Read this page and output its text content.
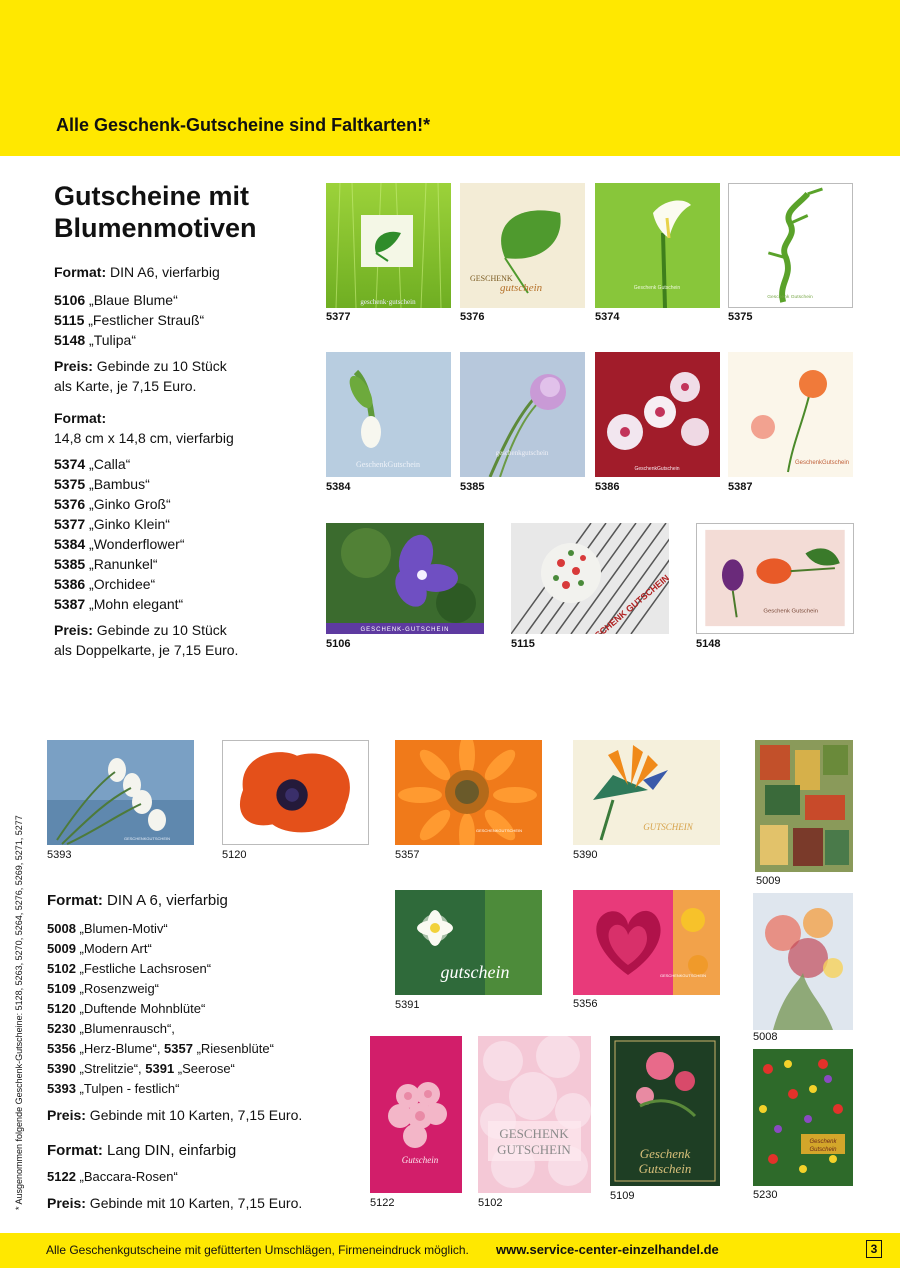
Alle Geschenk-Gutscheine sind Faltkarten!*
Gutscheine mit
Blumenmotiven
Format: DIN A6, vierfarbig
5106 „Blaue Blume“
5115 „Festlicher Strauß“
5148 „Tulipa“
Preis: Gebinde zu 10 Stück
als Karte, je 7,15 Euro.
Format:
14,8 cm x 14,8 cm, vierfarbig
5374 „Calla“
5375 „Bambus“
5376 „Ginko Groß“
5377 „Ginko Klein“
5384 „Wonderflower“
5385 „Ranunkel“
5386 „Orchidee“
5387 „Mohn elegant“
Preis: Gebinde zu 10 Stück
als Doppelkarte, je 7,15 Euro.
geschenk·gutschein
5377
GESCHENK
gutschein
5376
Geschenk Gutschein
5374
Geschenk Gutschein
5375
GeschenkGutschein
5384
geschenkgutschein
5385
GeschenkGutschein
5386
GeschenkGutschein
5387
GESCHENK-GUTSCHEIN
5106	5115
Geschenk Gutschein
5148
GESCHENKGUTSCHEIN
5393	5120
GESCHENKGUTSCHEIN
5357
GUTSCHEIN
5390
5009
Format: DIN A 6, vierfarbig
5008 „Blumen-Motiv“
5009 „Modern Art“
5102 „Festliche Lachsrosen“
5109 „Rosenzweig“
5120 „Duftende Mohnblüte“
5230 „Blumenrausch“,
5356 „Herz-Blume“, 5357 „Riesenblüte“
5390 „Strelitzie“, 5391 „Seerose“
5393 „Tulpen - festlich“
Preis: Gebinde mit 10 Karten, 7,15 Euro.
Format: Lang DIN, einfarbig
5122 „Baccara-Rosen“
Preis: Gebinde mit 10 Karten, 7,15 Euro.
gutschein
5391
GESCHENKGUTSCHEIN
5356
5008
Gutschein
5122
GESCHENK
GUTSCHEIN
5102
Geschenk
Gutschein
5109
Geschenk
Gutschein
5230
* Ausgenommen folgende Geschenk-Gutscheine: 5128, 5263, 5270, 5264, 5276, 5269, 5271, 5277
Alle Geschenkgutscheine mit gefütterten Umschlägen, Firmeneindruck möglich. www.service-center-einzelhandel.de	3
